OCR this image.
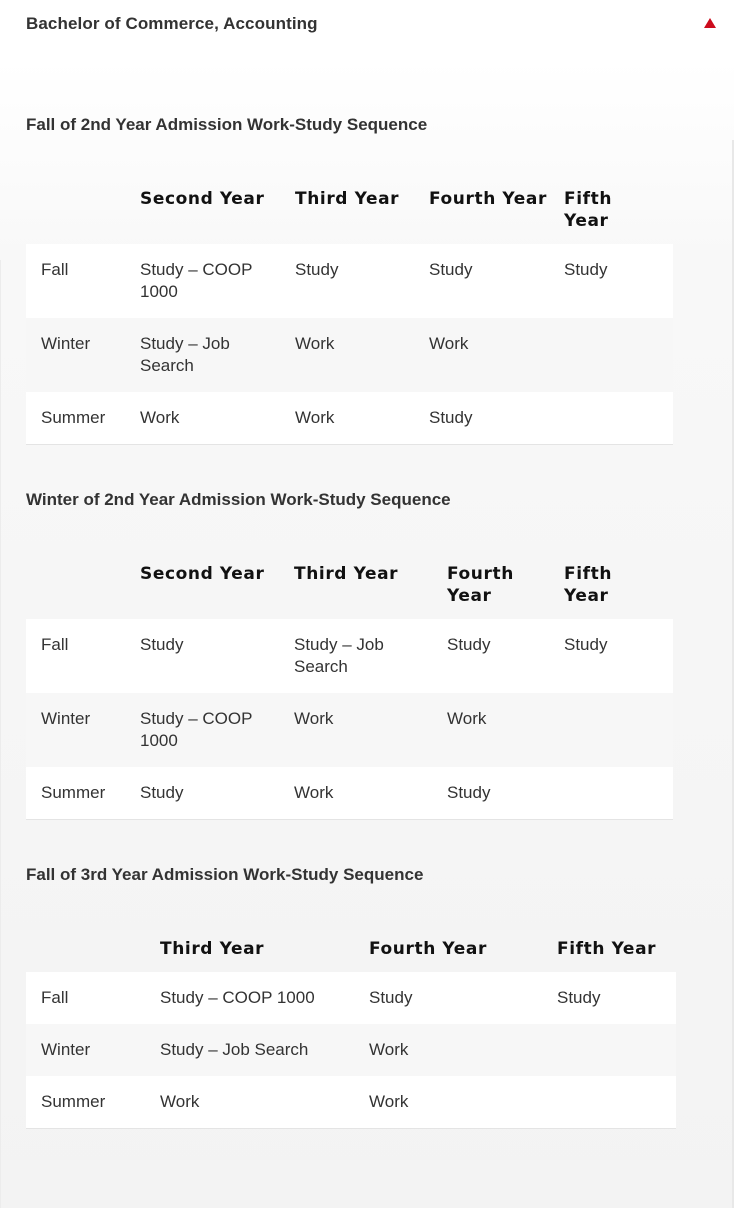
Bachelor of Commerce, Accounting
Fall of 2nd Year Admission Work-Study Sequence
	Second Year	Third Year	Fourth Year	Fifth Year
Fall	Study – COOP 1000	Study	Study	Study
Winter	Study – Job Search	Work	Work	
Summer	Work	Work	Study	
Winter of 2nd Year Admission Work-Study Sequence
	Second Year	Third Year	Fourth Year	Fifth Year
Fall	Study	Study – Job Search	Study	Study
Winter	Study – COOP 1000	Work	Work	
Summer	Study	Work	Study	
Fall of 3rd Year Admission Work-Study Sequence
	Third Year	Fourth Year	Fifth Year
Fall	Study – COOP 1000	Study	Study
Winter	Study – Job Search	Work	
Summer	Work	Work	
